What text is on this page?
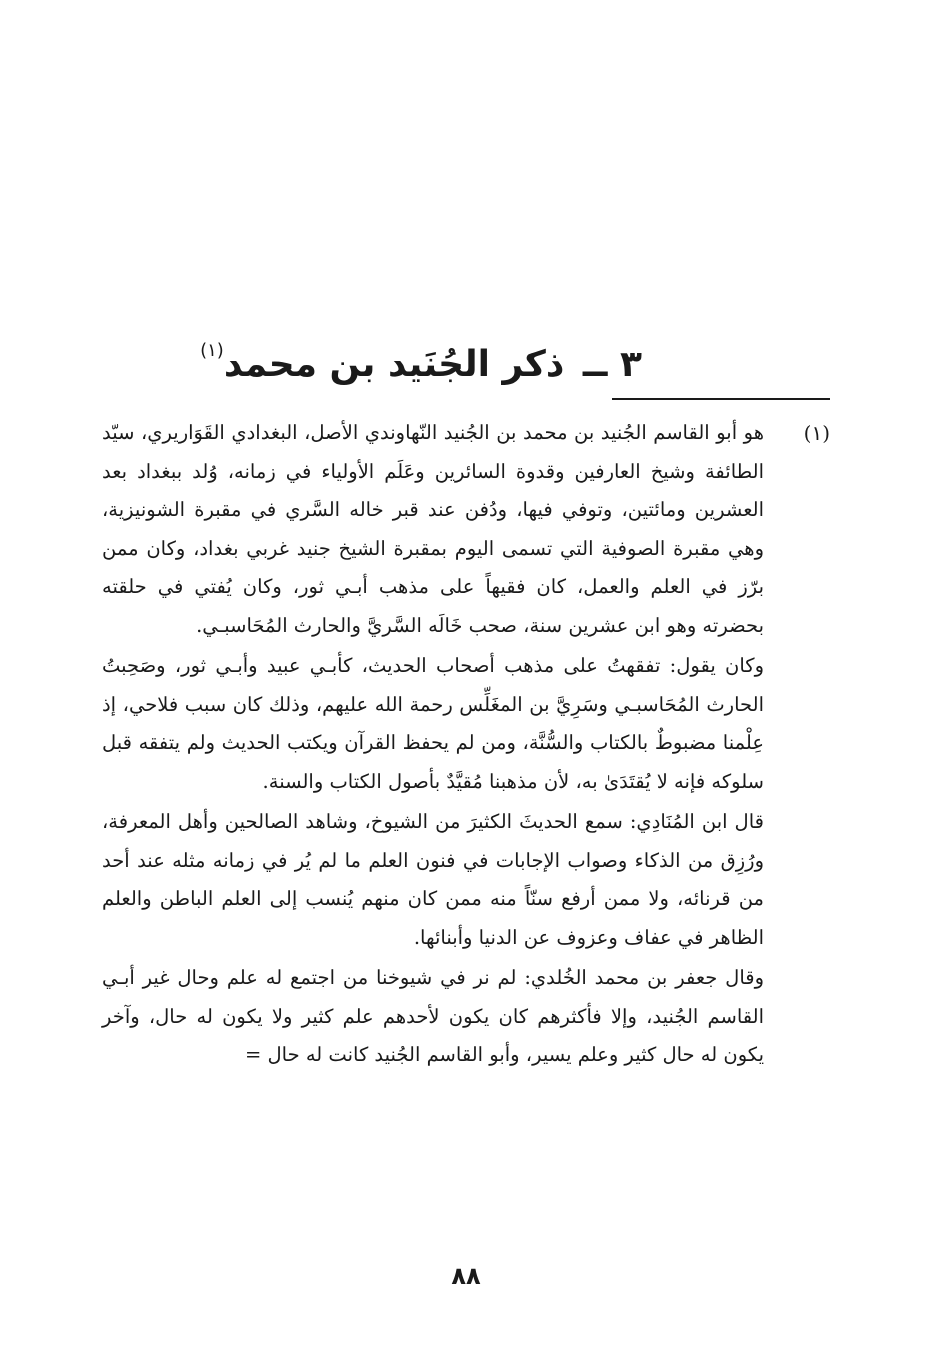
٣ ــ ذكر الجُنَيد بن محمد$^{(١)}$
(١)

هو أبو القاسم الجُنيد بن محمد بن الجُنيد النّهاوندي الأصل، البغدادي القَوَاريري، سيّد الطائفة وشيخ العارفين وقدوة السائرين وعَلَم الأولياء في زمانه، وُلد ببغداد بعد العشرين ومائتين، وتوفي فيها، ودُفن عند قبر خاله السَّري في مقبرة الشونيزية، وهي مقبرة الصوفية التي تسمى اليوم بمقبرة الشيخ جنيد غربي بغداد، وكان ممن برّز في العلم والعمل، كان فقيهاً على مذهب أبـي ثور، وكان يُفتي في حلقته بحضرته وهو ابن عشرين سنة، صحب خَالَه السَّريَّ والحارث المُحَاسبـي.

وكان يقول: تفقهتُ على مذهب أصحاب الحديث، كأبـي عبيد وأبـي ثور، وصَحِبتُ الحارث المُحَاسبـي وسَرِيَّ بن المغَلِّس رحمة الله عليهم، وذلك كان سبب فلاحي، إذ عِلْمنا مضبوطٌ بالكتاب والسُّنَّة، ومن لم يحفظ القرآن ويكتب الحديث ولم يتفقه قبل سلوكه فإنه لا يُقتَدَىٰ به، لأن مذهبنا مُقيَّدٌ بأصول الكتاب والسنة.

قال ابن المُنَادِي: سمع الحديثَ الكثيرَ من الشيوخ، وشاهد الصالحين وأهل المعرفة، ورُزِق من الذكاء وصواب الإجابات في فنون العلم ما لم يُر في زمانه مثله عند أحد من قرنائه، ولا ممن أرفع سنّاً منه ممن كان منهم يُنسب إلى العلم الباطن والعلم الظاهر في عفاف وعزوف عن الدنيا وأبنائها.

وقال جعفر بن محمد الخُلدي: لم نر في شيوخنا من اجتمع له علم وحال غير أبـي القاسم الجُنيد، وإلا فأكثرهم كان يكون لأحدهم علم كثير ولا يكون له حال، وآخر يكون له حال كثير وعلم يسير، وأبو القاسم الجُنيد كانت له حال =

٨٨
